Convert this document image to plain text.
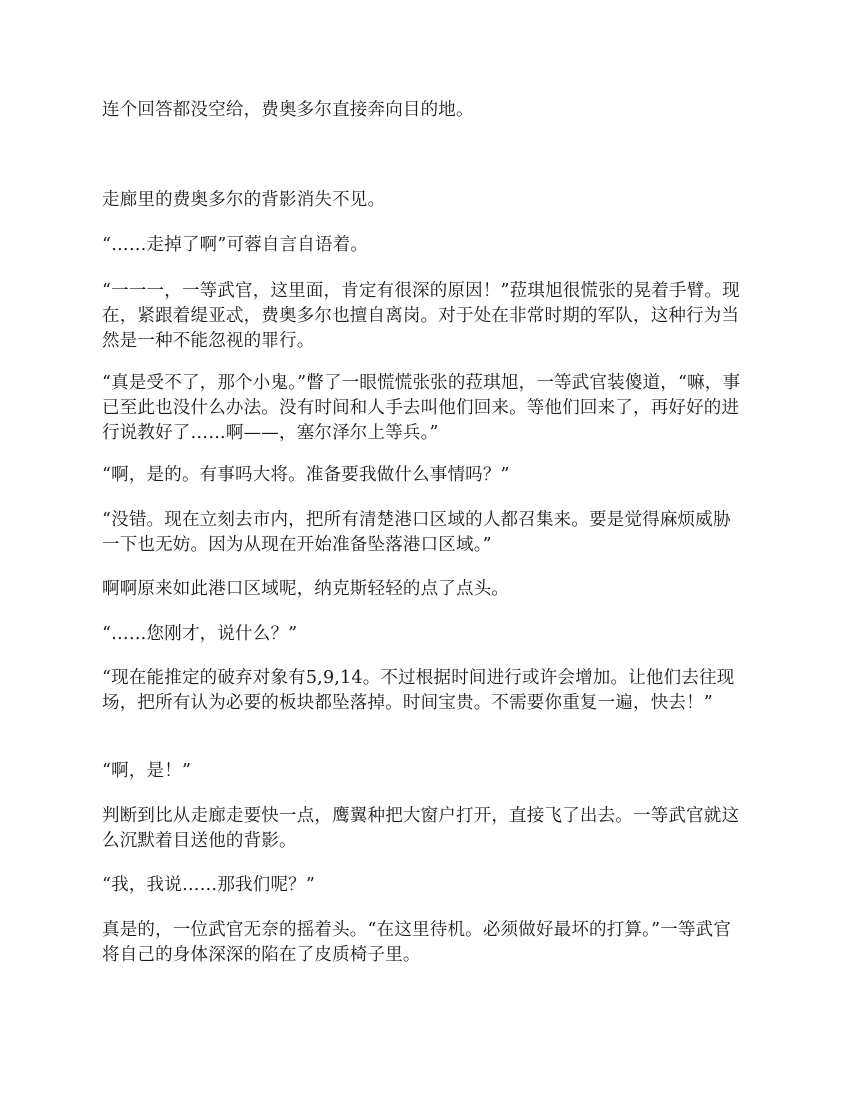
连个回答都没空给，费奥多尔直接奔向目的地。

走廊里的费奥多尔的背影消失不见。

“……走掉了啊”可蓉自言自语着。

“一一一，一等武官，这里面，肯定有很深的原因！”菈琪旭很慌张的晃着手臂。现在，紧跟着缇亚忒，费奥多尔也擅自离岗。对于处在非常时期的军队，这种行为当然是一种不能忽视的罪行。

“真是受不了，那个小鬼。”瞥了一眼慌慌张张的菈琪旭，一等武官装傻道，“嘛，事已至此也没什么办法。没有时间和人手去叫他们回来。等他们回来了，再好好的进行说教好了……啊——，塞尔泽尔上等兵。”

“啊，是的。有事吗大将。准备要我做什么事情吗？”

“没错。现在立刻去市内，把所有清楚港口区域的人都召集来。要是觉得麻烦威胁一下也无妨。因为从现在开始准备坠落港口区域。”

啊啊原来如此港口区域呢，纳克斯轻轻的点了点头。

“……您刚才，说什么？”

“现在能推定的破弃对象有5,9,14。不过根据时间进行或许会增加。让他们去往现场，把所有认为必要的板块都坠落掉。时间宝贵。不需要你重复一遍，快去！”

“啊，是！”

判断到比从走廊走要快一点，鹰翼种把大窗户打开，直接飞了出去。一等武官就这么沉默着目送他的背影。

“我，我说……那我们呢？”

真是的，一位武官无奈的摇着头。“在这里待机。必须做好最坏的打算。”一等武官将自己的身体深深的陷在了皮质椅子里。
